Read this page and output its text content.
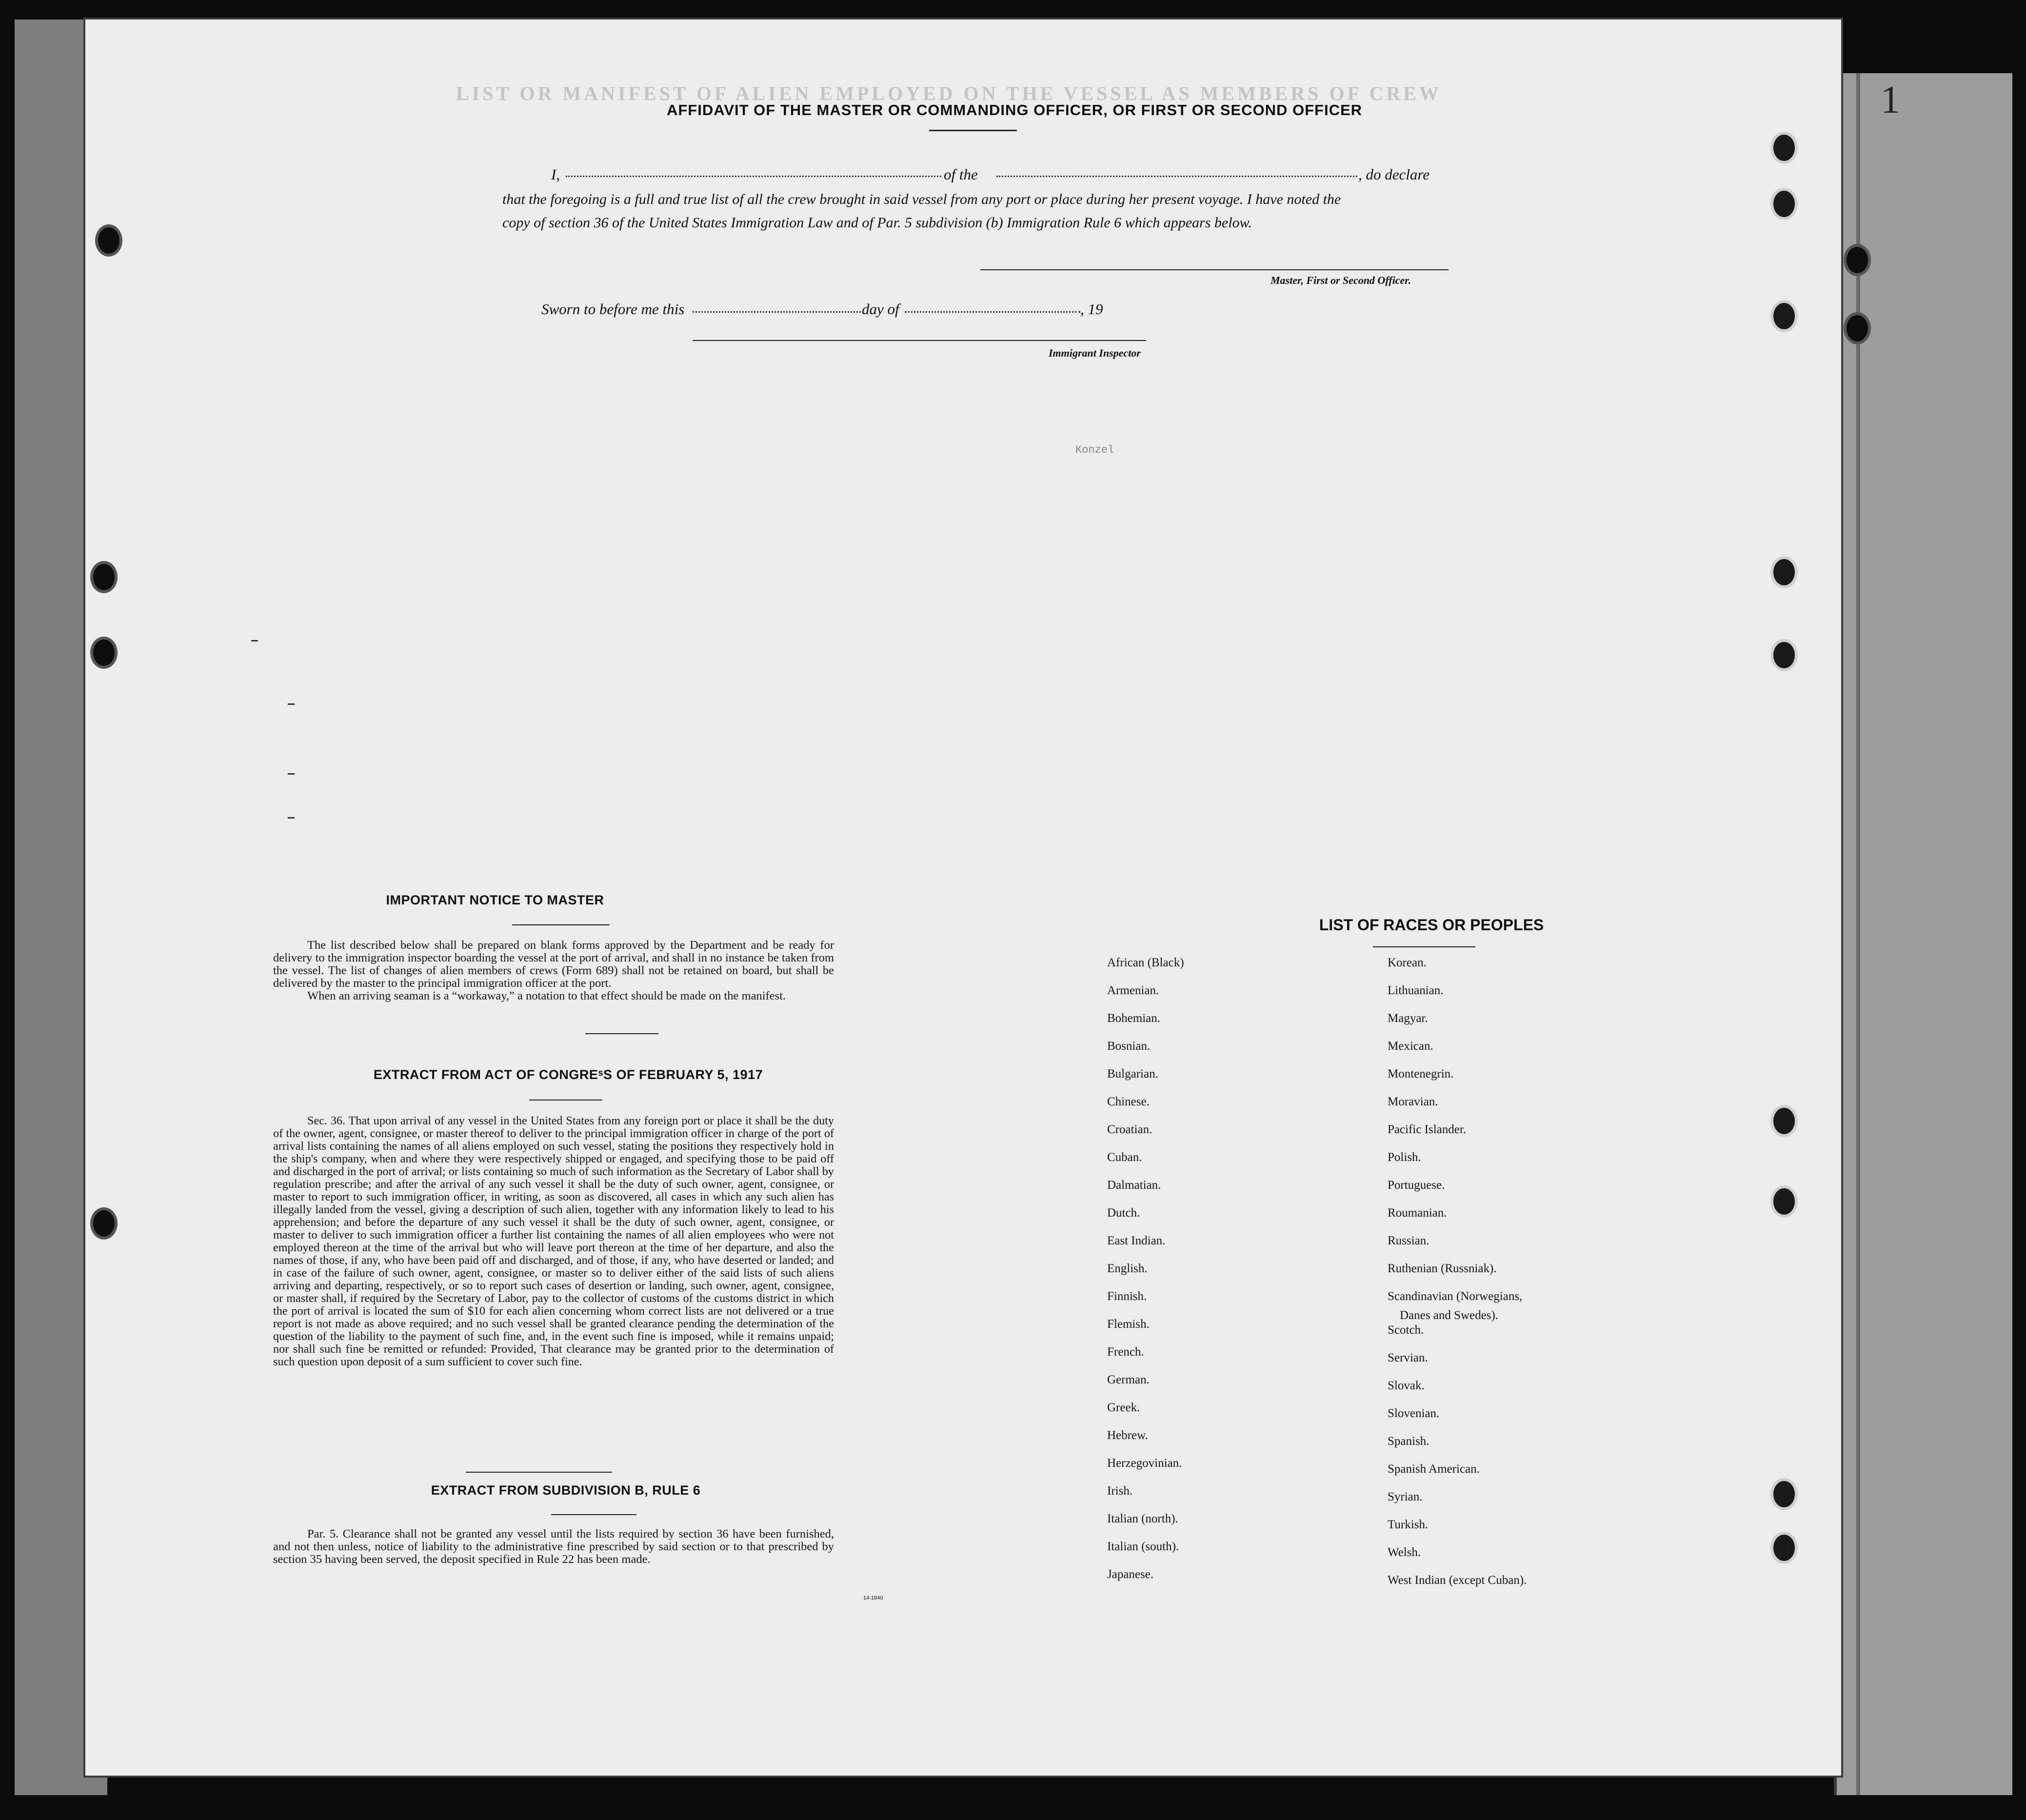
1
LIST OR MANIFEST OF ALIEN EMPLOYED ON THE VESSEL AS MEMBERS OF CREW
Konzel
AFFIDAVIT OF THE MASTER OR COMMANDING OFFICER, OR FIRST OR SECOND OFFICER
I,	of the	, do declare
that the foregoing is a full and true list of all the crew brought in said vessel from any port or place during her present voyage. I have noted the
copy of section 36 of the United States Immigration Law and of Par. 5 subdivision (b) Immigration Rule 6 which appears below.
Master, First or Second Officer.
Sworn to before me this	day of	, 19
Immigrant Inspector
IMPORTANT NOTICE TO MASTER

The list described below shall be prepared on blank forms approved by the Department and be ready for delivery to the immigration inspector boarding the vessel at the port of arrival, and shall in no instance be taken from the vessel. The list of changes of alien members of crews (Form 689) shall not be retained on board, but shall be delivered by the master to the principal immigration officer at the port.

When an arriving seaman is a “workaway,” a notation to that effect should be made on the manifest.

EXTRACT FROM ACT OF CONGREˢS OF FEBRUARY 5, 1917

Sec. 36. That upon arrival of any vessel in the United States from any foreign port or place it shall be the duty of the owner, agent, consignee, or master thereof to deliver to the principal immigration officer in charge of the port of arrival lists containing the names of all aliens employed on such vessel, stating the positions they respectively hold in the ship's company, when and where they were respectively shipped or engaged, and specifying those to be paid off and discharged in the port of arrival; or lists containing so much of such information as the Secretary of Labor shall by regulation prescribe; and after the arrival of any such vessel it shall be the duty of such owner, agent, consignee, or master to report to such immigration officer, in writing, as soon as discovered, all cases in which any such alien has illegally landed from the vessel, giving a description of such alien, together with any information likely to lead to his apprehension; and before the departure of any such vessel it shall be the duty of such owner, agent, consignee, or master to deliver to such immigration officer a further list containing the names of all alien employees who were not employed thereon at the time of the arrival but who will leave port thereon at the time of her departure, and also the names of those, if any, who have been paid off and discharged, and of those, if any, who have deserted or landed; and in case of the failure of such owner, agent, consignee, or master so to deliver either of the said lists of such aliens arriving and departing, respectively, or so to report such cases of desertion or landing, such owner, agent, consignee, or master shall, if required by the Secretary of Labor, pay to the collector of customs of the customs district in which the port of arrival is located the sum of $10 for each alien concerning whom correct lists are not delivered or a true report is not made as above required; and no such vessel shall be granted clearance pending the determination of the question of the liability to the payment of such fine, and, in the event such fine is imposed, while it remains unpaid; nor shall such fine be remitted or refunded: Provided, That clearance may be granted prior to the determination of such question upon deposit of a sum sufficient to cover such fine.

EXTRACT FROM SUBDIVISION B, RULE 6

Par. 5. Clearance shall not be granted any vessel until the lists required by section 36 have been furnished, and not then unless, notice of liability to the administrative fine prescribed by said section or to that prescribed by section 35 having been served, the deposit specified in Rule 22 has been made.

14-1840
LIST OF RACES OR PEOPLES
African (Black)
Armenian.
Bohemian.
Bosnian.
Bulgarian.
Chinese.
Croatian.
Cuban.
Dalmatian.
Dutch.
East Indian.
English.
Finnish.
Flemish.
French.
German.
Greek.
Hebrew.
Herzegovinian.
Irish.
Italian (north).
Italian (south).
Japanese.
Korean.
Lithuanian.
Magyar.
Mexican.
Montenegrin.
Moravian.
Pacific Islander.
Polish.
Portuguese.
Roumanian.
Russian.
Ruthenian (Russniak).
Scandinavian (Norwegians,
Danes and Swedes).
Scotch.
Servian.
Slovak.
Slovenian.
Spanish.
Spanish American.
Syrian.
Turkish.
Welsh.
West Indian (except Cuban).
